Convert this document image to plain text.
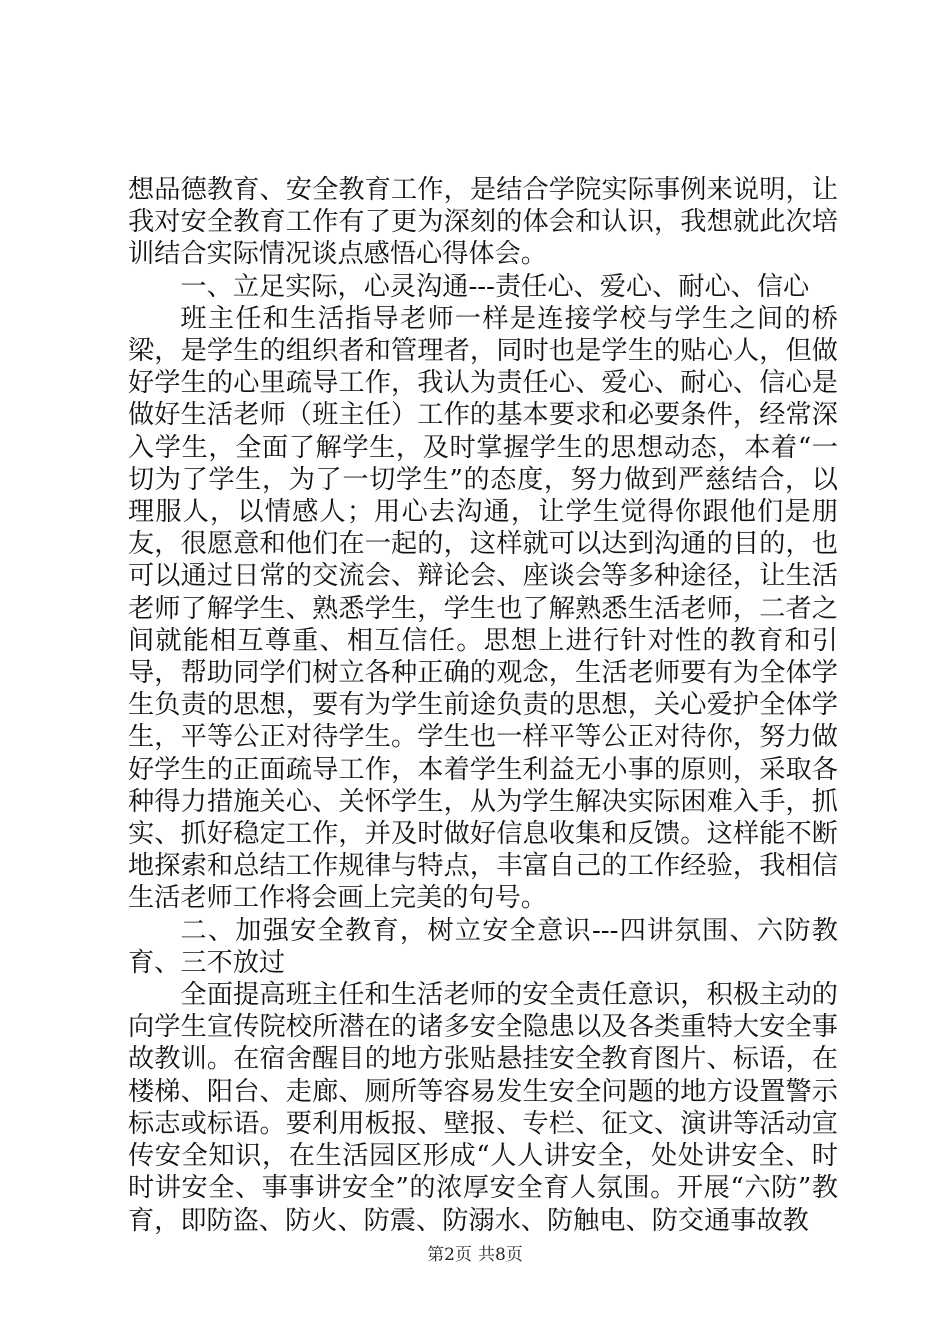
想品德教育、安全教育工作，是结合学院实际事例来说明，让我对安全教育工作有了更为深刻的体会和认识，我想就此次培训结合实际情况谈点感悟心得体会。

一、立足实际，心灵沟通---责任心、爱心、耐心、信心

班主任和生活指导老师一样是连接学校与学生之间的桥梁，是学生的组织者和管理者，同时也是学生的贴心人，但做好学生的心里疏导工作，我认为责任心、爱心、耐心、信心是做好生活老师（班主任）工作的基本要求和必要条件，经常深入学生，全面了解学生，及时掌握学生的思想动态，本着“一切为了学生，为了一切学生”的态度，努力做到严慈结合，以理服人，以情感人；用心去沟通，让学生觉得你跟他们是朋友，很愿意和他们在一起的，这样就可以达到沟通的目的，也可以通过日常的交流会、辩论会、座谈会等多种途径，让生活老师了解学生、熟悉学生，学生也了解熟悉生活老师，二者之间就能相互尊重、相互信任。思想上进行针对性的教育和引导，帮助同学们树立各种正确的观念，生活老师要有为全体学生负责的思想，要有为学生前途负责的思想，关心爱护全体学生，平等公正对待学生。学生也一样平等公正对待你，努力做好学生的正面疏导工作，本着学生利益无小事的原则，采取各种得力措施关心、关怀学生，从为学生解决实际困难入手，抓实、抓好稳定工作，并及时做好信息收集和反馈。这样能不断地探索和总结工作规律与特点，丰富自己的工作经验，我相信生活老师工作将会画上完美的句号。

二、加强安全教育，树立安全意识---四讲氛围、六防教育、三不放过

全面提高班主任和生活老师的安全责任意识，积极主动的向学生宣传院校所潜在的诸多安全隐患以及各类重特大安全事故教训。在宿舍醒目的地方张贴悬挂安全教育图片、标语，在楼梯、阳台、走廊、厕所等容易发生安全问题的地方设置警示标志或标语。要利用板报、壁报、专栏、征文、演讲等活动宣传安全知识，在生活园区形成“人人讲安全，处处讲安全、时时讲安全、事事讲安全”的浓厚安全育人氛围。开展“六防”教育，即防盗、防火、防震、防溺水、防触电、防交通事故教

第2页 共8页
